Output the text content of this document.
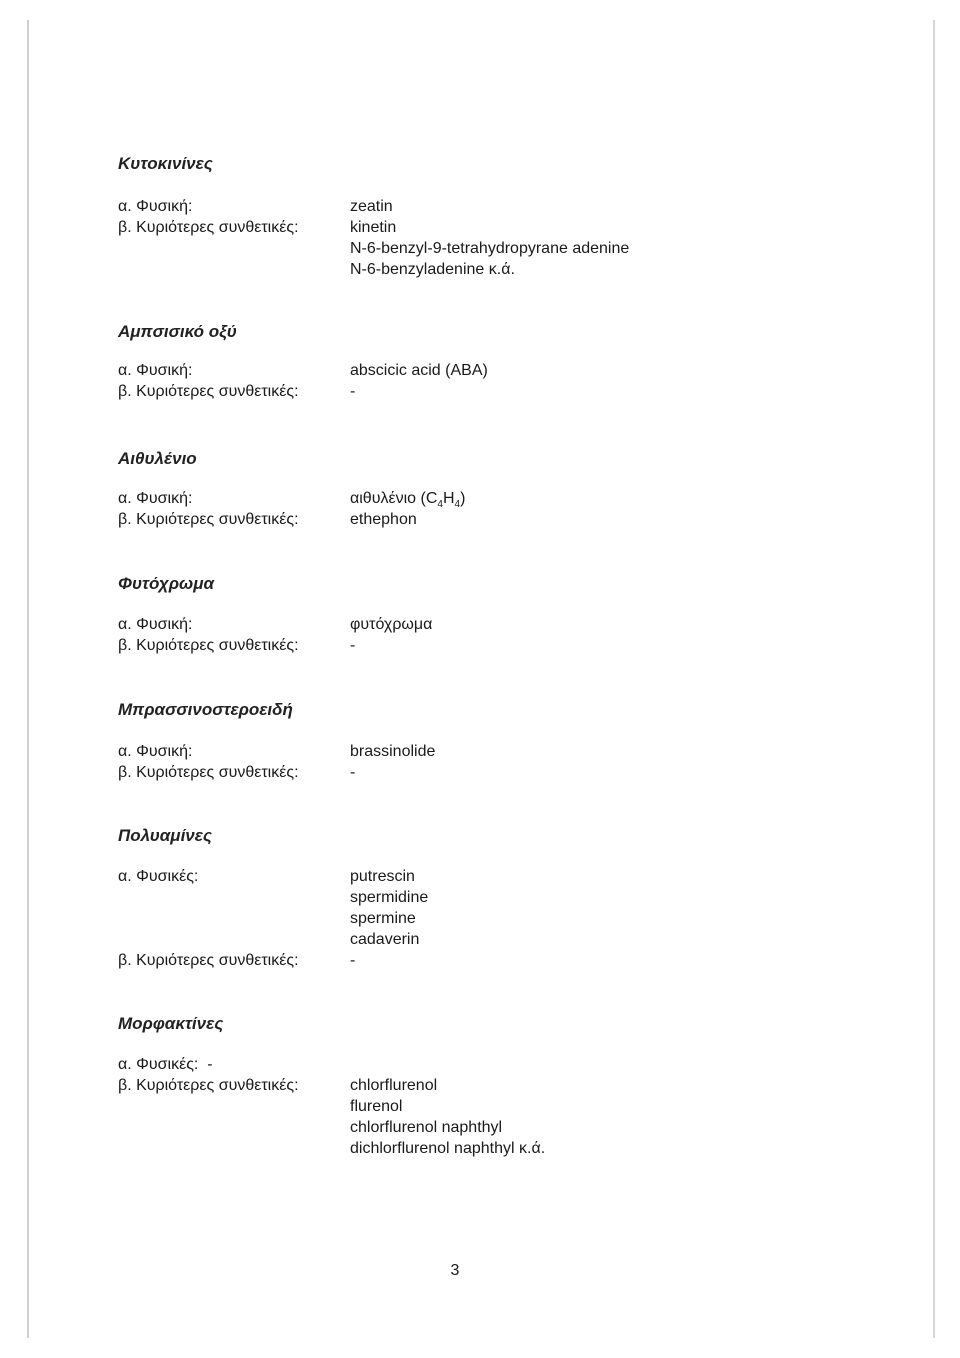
Κυτοκινίνες
α. Φυσική:	zeatin
β. Κυριότερες συνθετικές:	kinetin
N-6-benzyl-9-tetrahydropyrane adenine
N-6-benzyladenine κ.ά.
Αμπσισικό οξύ
α. Φυσική:	abscicic acid (ABA)
β. Κυριότερες συνθετικές:	-
Αιθυλένιο
α. Φυσική:	αιθυλένιο $(C_4H_4)$
β. Κυριότερες συνθετικές:	ethephon
Φυτόχρωμα
α. Φυσική:	φυτόχρωμα
β. Κυριότερες συνθετικές:	-
Μπρασσινοστεροειδή
α. Φυσική:	brassinolide
β. Κυριότερες συνθετικές:	-
Πολυαμίνες
α. Φυσικές:	putrescin
spermidine
spermine
cadaverin
β. Κυριότερες συνθετικές:	-
Μορφακτίνες
α. Φυσικές: -
β. Κυριότερες συνθετικές:	chlorflurenol
flurenol
chlorflurenol naphthyl
dichlorflurenol naphthyl κ.ά.
3
